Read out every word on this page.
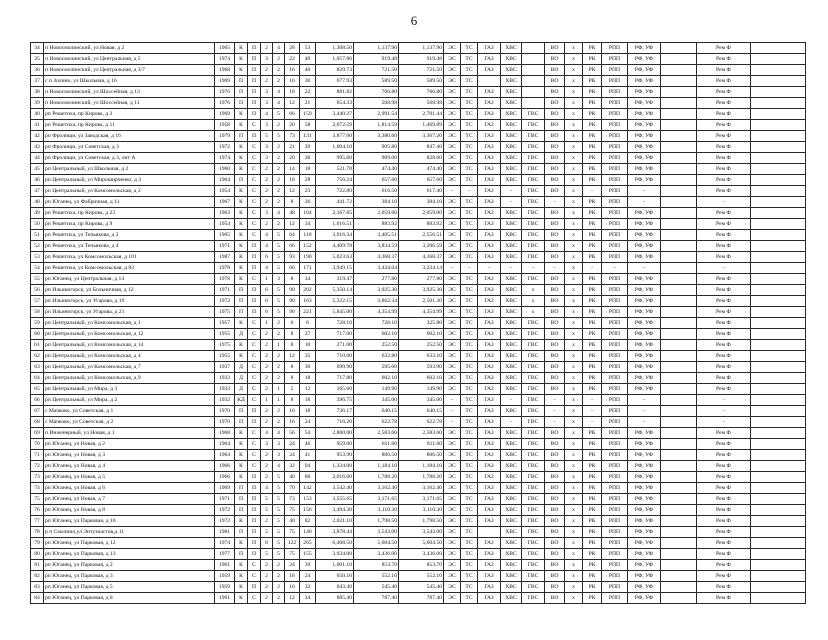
6
34	п Новосмолинский, ул Новая, д 2	1965	К	П	2	4	28	53	1,308.50	1,137.90	1,137.90	ЭС	ТС	ГАЗ	ХВС		ВО	х	РК	РПП	РФ, УФ		Рем Ф	
35	п Новосмолинский, ул Центральная, д 5	1974	К	П	3	2	22	40	1,057.86	919.48	919.48	ЭС	ТС	ГАЗ	ХВС		ВО	х	РК	РПП	РФ, УФ		Рем Ф	
36	п Новосмолинский, ул Центральная, д 3/7	1968	К	П	2	2	16	40	829.73	721.50	721.50	ЭС	ТС	ГАЗ	ХВС		ВО	х	РК	РПП	РФ, УФ		Рем Ф	
37	с п Золино, ул Школьная, д 16	1969	П	П	2	2	16	30	677.93	589.50	589.50	ЭС	ТС		ХВС		ВО	х	РК	РПП	РФ, УФ		Рем Ф	
38	п Новосмолинский, ул Шоссейная, д 13	1976	П	П	3	4	16	22	881.82	766.80	766.80	ЭС	ТС	ГАЗ	ХВС		ВО	х	РК	РПП	РФ, УФ		Рем Ф	
39	п Новосмолинский, ул Шоссейная, д 11	1976	П	П	3	4	12	21	654.33	568.98	568.98	ЭС	ТС	ГАЗ	ХВС		ВО	х	РК	РПП	РФ, УФ		Рем Ф	
40	рп Решетиха, пр Кирова, д 2	1969	К	П	4	5	66	159	3,440.27	2,991.54	2,701.44	ЭС	ТС	ГАЗ	ХВС	ГВС	ВО	х	РК	РПП	РФ, УФ		Рем Ф	
41	рп Решетиха, пр Кирова, д 11	1958	К	С	3	2	20	58	2,072.59	1,814.59	1,469.89	ЭС	ТС	ГАЗ	ХВС	ГВС	ВО	х	РК	РПП	РФ, УФ		Рем Ф	
42	рп Фролищи, ул Заводская, д 16	1979	П	П	5	5	73	131	3,877.00	3,380.60	3,367.20	ЭС	ТС	ГАЗ	ХВС	ГВС	ВО	х	РК	РПП	РФ, УФ		Рем Ф	
43	рп Фролищи, ул Советская, д 3	1972	К	С	3	2	21	39	1,004.10	905.80	847.40	ЭС	ТС	ГАЗ	ХВС	ГВС	ВО	х	РК	РПП	РФ, УФ		Рем Ф	
44	рп Фролищи, ул Советская, д 3, лит А	1974	К	С	3	2	20	30	995.60	909.00	828.60	ЭС	ТС	ГАЗ	ХВС	ГВС	ВО	х	РК	РПП	РФ, УФ		Рем Ф	
45	рп Центральный, ул Школьная, д 2	1960	К	С	2	2	14	18	521.70	474.40	474.40	ЭС	ТС	ГАЗ	ХВС	ГВС	ВО	х	РК	РПП	РФ, УФ		Рем Ф	
46	рп Центральный, ул Мироширченко, д 3	1964	П	С	2	2	16	28	756.24	657.60	657.60	ЭС	ТС	ГАЗ	ХВС	ГВС	ВО	х	РК	РПП	РФ, УФ		Рем Ф	
47	рп Центральный, ул Комсомольская, д 2	1954	К	С	2	2	12	23	722.80	616.50	617.40	-	-	ГАЗ	-	ГВС	ВО	х	-	РПП	-		Рем Ф	
48	рп Юганец, ул Фабричная, д 11	1967	К	С	2	2	8	26	441.72	384.10	384.10	ЭС	ТС	ГАЗ	-	ГВС	-	х	РК	РПП	-		-	
49	рп Решетиха, пр Кирова, д 23	1963	К	С	3	4	48	104	2,167.85	2,059.60	2,059.00	ЭС	ТС	ГАЗ	ХВС	ГВС	ВО	х	РК	РПП	РФ, УФ		Рем Ф	
50	рп Решетиха, пр Кирова, д 9	1954	К	С	2	2	12	34	1,016.51	883.92	883.92	ЭС	ТС	ГАЗ	ХВС	ГВС	ВО	х	РК	РПП	РФ, УФ		Рем Ф	
51	рп Решетиха, ул Тепьякова, д 2	1965	К	С	4	5	64	110	3,916.34	3,405.51	2,556.51	ЭС	ТС	ГАЗ	ХВС	ГВС	ВО	х	РК	РПП	РФ, УФ		Рем Ф	
52	рп Решетиха, ул Тепьякова, д 4	1971	К	П	4	5	66	152	4,409.78	3,834.59	3,206.59	ЭС	ТС	ГАЗ	ХВС	ГВС	ВО	х	РК	РПП	РФ, УФ		Рем Ф	
53	рп Решетиха, ул Комсомольская, д 101	1987	К	П	6	5	93	190	5,023.63	4,368.37	4,368.37	ЭС	ТС	ГАЗ	ХВС	ГВС	ВО	х	РК	РПП	РФ, УФ		Рем Ф	
54	рп Решетиха, ул Комсомольская, д 83	1978	К	П	4	5	66	171	3,949.15	3,434.04	3,234.14	-	-	-	-	-	-	х	-	-	-		-	
55	рп Юганец, ул Центральная, д 14	1978	К	С	1	3	8	34	319.47	277.80	277.80	ЭС	ТС	ГАЗ	ХВС	ГВС	ВО	х	РК	РПП	РФ, УФ		Рем Ф	
56	рп Ильиногорск, ул Больничная, д 12	1971	П	П	6	5	90	202	5,350.14	3,925.30	3,925.30	ЭС	ТС	ГАЗ	ХВС	х	ВО	х	РК	РПП	РФ, УФ		Рем Ф	
57	рп Ильиногорск, ул Угарова, д 19	1972	П	П	6	5	90	163	5,322.15	3,862.34	2,501.30	ЭС	ТС	ГАЗ	ХВС	х	ВО	х	РК	РПП	РФ, УФ		Рем Ф	
58	рп Ильиногорск, ул Угарова, д 21	1975	П	П	6	5	90	221	5,845.00	4,354.99	4,354.99	ЭС	ТС	ГАЗ	ХВС	х	ВО	х	РК	РПП	РФ, УФ		Рем Ф	
59	рп Центральный, ул Комсомольская, д 1	1957	К	С	1	2	6	6	728.10	728.10	325.80	ЭС	ТС	ГАЗ	ХВС	ГВС	ВО	х	РК	РПП	РФ, УФ		Рем Ф	
60	рп Центральный, ул Комсомольская, д 12	1955	Д	С	2	2	8	27	717.00	602.10	602.10	ЭС	ТС	ГАЗ	ХВС	ГВС	ВО	х	РК	РПП	РФ, УФ		Рем Ф	
61	рп Центральный, ул Комсомольская, д 14	1975	К	С	2	1	8	10	271.00	252.50	252.50	ЭС	ТС	ГАЗ	ХВС	ГВС	ВО	х	РК	РПП	РФ, УФ		Рем Ф	
62	рп Центральный, ул Комсомольская, д 4	1955	К	С	2	2	12	35	710.00	632.80	633.10	ЭС	ТС	ГАЗ	ХВС	ГВС	ВО	х	РК	РПП	РФ, УФ		Рем Ф	
63	рп Центральный, ул Комсомольская, д 7	1937	Д	С	2	2	8	30	699.90	595.00	593.90	ЭС	ТС	ГАЗ	ХВС	ГВС	ВО	х	РК	РПП	РФ, УФ		Рем Ф	
64	рп Центральный, ул Комсомольская, д 9	1933	Д	С	2	2	8	18	717.80	602.10	602.10	ЭС	ТС	ГАЗ	ХВС	ГВС	ВО	х	РК	РПП	РФ, УФ		Рем Ф	
65	рп Центральный, ул Мира, д 3	1933	Д	С	2	1	5	12	165.60	149.90	149.90	ЭС	ТС	ГАЗ	ХВС	ГВС	ВО	х	РК	РПП	РФ, УФ		Рем Ф	
66	рп Центральный, ул Мира, д 2	1932	КД	С	1	1	8	18	396.75	345.00	345.00	-	ТС	ГАЗ	-	ГВС	-	х	-	РПП	-		-	
67	с Мачково, ул Советская, д 1	1970	П	П	2	2	16	18	736.17	640.15	640.15	-	ТС	ГАЗ	ХВС	ГВС	-	х	-	РПП	-		-	
68	с Мачково, ул Советская, д 2	1970	П	П	2	2	16	24	716.20	622.78	622.78	-	ТС	ГАЗ	-	ГВС	-	х	-	РПП	-		-	
69	п Инженерный, ул Новая, д 1	1968	К	С	4	4	56	54	2,800.00	2,583.60	2,583.60	ЭС	ТС	ГАЗ	ХВС	ГВС	ВО	х	РК	РПП	РФ, УФ		Рем Ф	
70	рп Юганец, ул Новая, д 2	1964	К	С	3	3	24	46	959.00	811.60	811.60	ЭС	ТС	ГАЗ	ХВС	ГВС	ВО	х	РК	РПП	РФ, УФ		Рем Ф	
71	рп Юганец, ул Новая, д 3	1964	К	С	2	3	24	41	953.90	806.50	806.50	ЭС	ТС	ГАЗ	ХВС	ГВС	ВО	х	РК	РПП	РФ, УФ		Рем Ф	
72	рп Юганец, ул Новая, д 4	1966	К	С	2	4	32	94	1,334.00	1,184.10	1,184.10	ЭС	ТС	ГАЗ	ХВС	ГВС	ВО	х	РК	РПП	РФ, УФ		Рем Ф	
73	рп Юганец, ул Новая, д 5	1966	К	П	2	5	40	88	2,016.00	1,788.20	1,788.20	ЭС	ТС	ГАЗ	ХВС	ГВС	ВО	х	РК	РПП	РФ, УФ		Рем Ф	
74	рп Юганец, ул Новая, д 6	1969	П	П	4	5	70	142	3,542.40	3,162.40	3,162.40	ЭС	ТС	ГАЗ	ХВС	ГВС	ВО	х	РК	РПП	РФ, УФ		Рем Ф	
75	рп Юганец, ул Новая, д 7	1971	П	П	5	5	73	153	3,555.65	3,171.65	3,171.65	ЭС	ТС	ГАЗ	ХВС	ГВС	ВО	х	РК	РПП	РФ, УФ		Рем Ф	
76	рп Юганец, ул Новая, д 8	1972	П	П	5	5	75	156	3,494.30	3,110.30	3,110.30	ЭС	ТС	ГАЗ	ХВС	ГВС	ВО	х	РК	РПП	РФ, УФ		Рем Ф	
77	рп Юганец, ул Парковая, д 10	1972	К	П	2	5	40	82	2,021.10	1,798.50	1,798.50	ЭС	ТС	ГАЗ	ХВС	ГВС	ВО	х	РК	РПП	РФ, УФ		Рем Ф	
78	р п Смолино,ул Энтузиастов,д 11	1981	П	П	5	5	75	140	3,878.44	3,543.00	3,543.00	ЭС	ТС		ХВС	ГВС	ВО	х	РК	РПП	РФ, УФ		Рем Ф	
79	рп Юганец, ул Парковая, д 12	1974	К	П	8	5	122	265	6,408.50	5,604.50	5,604.50	ЭС	ТС	ГАЗ	ХВС	ГВС	ВО	х	РК	РПП	РФ, УФ		Рем Ф	
80	рп Юганец, ул Парковая, д 13	1977	П	П	5	5	75	155	3,934.00	3,436.00	3,436.00	ЭС	ТС	ГАЗ	ХВС	ГВС	ВО	х	РК	РПП	РФ, УФ		Рем Ф	
81	рп Юганец, ул Парковая, д 2	1961	К	С	2	2	24	39	1,001.10	853.70	853.70	ЭС	ТС	ГАЗ	ХВС	ГВС	ВО	х	РК	РПП	РФ, УФ		Рем Ф	
82	рп Юганец, ул Парковая, д 3	1959	К	С	2	2	16	24	650.10	552.10	552.10	ЭС	ТС	ГАЗ	ХВС	ГВС	ВО	х	РК	РПП	РФ, УФ		Рем Ф	
83	рп Юганец, ул Парковая, д 5	1959	К	П	2	2	16	32	643.40	545.40	545.40	ЭС	ТС	ГАЗ	ХВС	ГВС	ВО	х	РК	РПП	РФ, УФ		Рем Ф	
84	рп Юганец, ул Парковая, д 8	1961	К	С	2	2	12	34	885.40	787.40	787.40	ЭС	ТС	ГАЗ	ХВС	ГВС	ВО	х	РК	РПП	РФ, УФ		Рем Ф	
